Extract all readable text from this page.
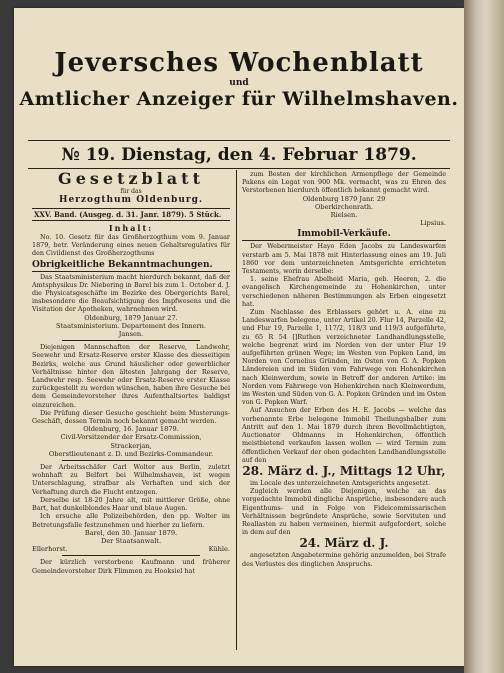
Jeversches Wochenblatt
und
Amtlicher Anzeiger für Wilhelmshaven.
№ 19. Dienstag, den 4. Februar 1879.
Gesetzblatt
für das
Herzogthum Oldenburg.
XXV. Band. (Ausgeg. d. 31. Janr. 1879). 5 Stück.
Inhalt:

No. 10. Gesetz für das Großherzogthum vom 9. Januar 1879, betr. Veränderung eines neuen Gehaltsregulativs für den Civildienst des Großherzogthums

Obrigkeitliche Bekanntmachungen.

Das Staatsministerium macht hierdurch bekannt, daß der Amtsphysikus Dr. Niebering in Barel bis zum 1. October d. J. die Physicatsgeschäfte im Bezirke des Obergerichts Barel, insbesondere die Beaufsichtigung des Impfwesens und die Visitation der Apotheken, wahrnehmen wird.

Oldenburg, 1879 Januar 27.
Staatsministerium. Departement des Innern.
Jansen.

Diejenigen Mannschaften der Reserve, Landwehr, Seewehr und Ersatz-Reserve erster Klasse des diesseitigen Bezirks, welche aus Grund häuslicher oder gewerblicher Verhältnisse hinter den ältesten Jahrgang der Reserve, Landwehr resp. Seewehr oder Ersatz-Reserve erster Klasse zurückgestellt zu werden wünschen, haben ihre Gesuche bei dem Gemeindevorsteher ihres Aufenthaltsortes baldigst einzureichen.

Die Prüfung dieser Gesuche geschieht beim Musterungs-Geschäft, dessen Termin noch bekannt gemacht werden.

Oldenburg, 16. Januar 1879.
Civil-Vorsitzender der Ersatz-Commission,
Strackerjan,
Oberstlieutenant z. D. und Bezirks-Commandeur.

Der Arbeitsschäfer Carl Wolter aus Berlin, zuletzt wohnhaft zu Belfort bei Wilhelmshaven, ist wegen Unterschlagung, strafbar als Verhaften und sich der Verhaftung durch die Flucht entzogen.

Derselbe ist 18-20 Jahre alt, mit mittlerer Größe, ohne Bart, hat dunkelblondes Haar und blaue Augen.

Ich ersuche alle Polizeibehörden, den pp. Wolter im Betretungsfalle festzunehmen und hierher zu liefern.

Barel, den 30. Januar 1879.
Der Staatsanwalt.
Ellerhorst.	Kühle.

Der kürzlich verstorbene Kaufmann und früherer Gemeindevorsteher Dirk Flimmen zu Hooksiel hat

zum Besten der kirchlichen Armenpflege der Gemeinde Pakens ein Legat von 900 Mk. vermacht, was zu Ehren des Verstorbenen hierdurch öffentlich bekannt gemacht wird.

Oldenburg 1879 Janr. 29
Oberkirchenrath.
Rielsen.
Lipsius.
Immobil-Verkäufe.

Der Webermeister Hayo Eden Jacobs zu Landeswarfen verstarb am 5. Mai 1878 mit Hinterlassung eines am 19. Juli 1860 vor dem unterzeichneten Amtsgerichte errichteten Testaments, worin derselbe:

1. seine Ehefrau Abelheid Maria, geb. Heeren, 2. die evangelisch Kirchengemeinde zu Hohenkirchen, unter verschiedenen näheren Bestimmungen als Erben eingesetzt hat.

Zum Nachlasse des Erblassers gehört u. A. eine zu Landeswarfen belegene, unter Artikel 20. Flur 14, Parzelle 42, und Flur 19, Parzelle 1, 117/2, 118/3 und 119/3 aufgeführte, zu 65 R 54 []Ruthen verzeichneter Landhandlungsstelle, welche begrenzt wird im Norden von der unter Flur 19 aufgeführten grünen Wege; im Westen von Popken Land, im Norden von Cornelius Gründen, im Osten von G. A. Popken Ländereien und im Süden vom Fahrwege von Hohenkirchen nach Kleinwerdum, sowie in Betreff der anderen Artike: im Norden vom Fahrwege von Hohenkirchen nach Kleinwerdum, im Westen und Süden von G. A. Popken Gründen und im Osten von G. Popken Warf.

Auf Ansuchen der Erben des H. E. Jacobs — welche das vorbenannte Erbe belegene Immobil Theilungshalber zum Antritt auf den 1. Mai 1879 durch ihren Bevollmächtigten, Auctionator Oldmanns in Hohenkirchen, öffentlich meistbietend verkaufen lassen wollen — wird Termin zum öffentlichen Verkauf der oben gedachten Landhandlungsstelle auf den

28. März d. J., Mittags 12 Uhr,

im Locale des unterzeichneten Amtsgerichts angesetzt.

Zugleich werden alle Diejenigen, welche an das vorgedachte Immobil dingliche Ansprüche, insbesondere auch Eigenthums- und in Folge von Fideicommissarischen Verhältnissen begründete Ansprüche, sowie Servituten und Reallasten zu haben vermeinen, hiermit aufgefordert, solche in dem auf den

24. März d. J.

angesetzten Angabetermine gehörig anzumelden, bei Strafe des Verlustes des dinglichen Anspruchs.
